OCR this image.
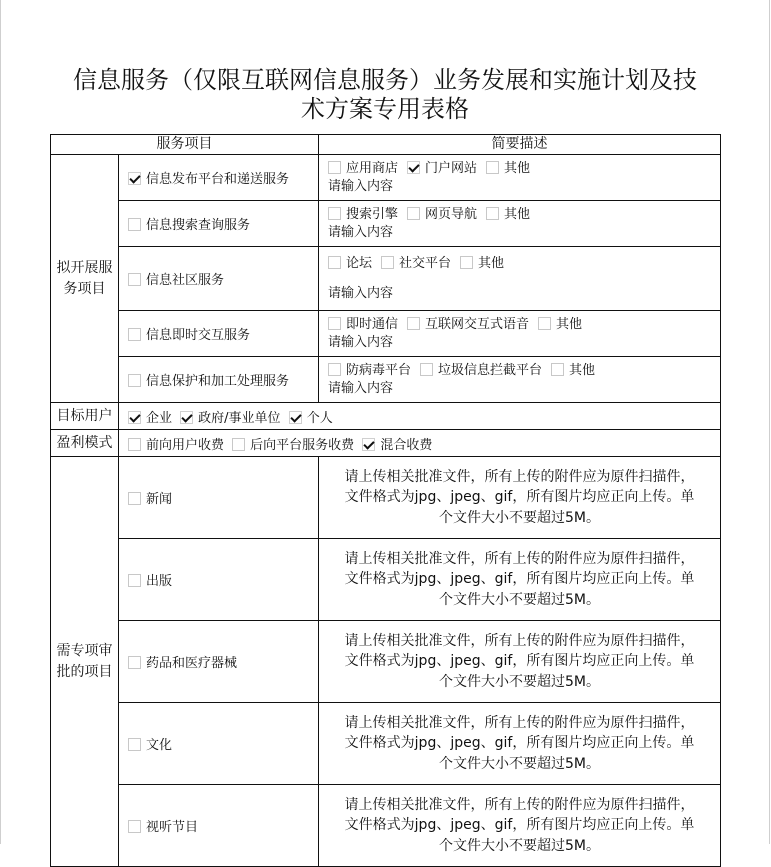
信息服务（仅限互联网信息服务）业务发展和实施计划及技
术方案专用表格
服务项目		简要描述
拟开展服务项目	信息发布平台和递送服务	应用商店 门户网站 其他
请输入内容

	信息搜索查询服务	搜索引擎 网页导航 其他
请输入内容

	信息社区服务	论坛 社交平台 其他
请输入内容

	信息即时交互服务	即时通信 互联网交互式语音 其他
请输入内容

	信息保护和加工处理服务	防病毒平台 垃圾信息拦截平台 其他
请输入内容

目标用户	企业 政府/事业单位 个人	
盈利模式	前向用户收费 后向平台服务收费 混合收费	
需专项审批的项目	新闻	请上传相关批准文件，所有上传的附件应为原件扫描件，
文件格式为jpg、jpeg、gif，所有图片均应正向上传。单
个文件大小不要超过5M。

	出版	请上传相关批准文件，所有上传的附件应为原件扫描件，
文件格式为jpg、jpeg、gif，所有图片均应正向上传。单
个文件大小不要超过5M。

	药品和医疗器械	请上传相关批准文件，所有上传的附件应为原件扫描件，
文件格式为jpg、jpeg、gif，所有图片均应正向上传。单
个文件大小不要超过5M。

	文化	请上传相关批准文件，所有上传的附件应为原件扫描件，
文件格式为jpg、jpeg、gif，所有图片均应正向上传。单
个文件大小不要超过5M。

	视听节目	请上传相关批准文件，所有上传的附件应为原件扫描件，
文件格式为jpg、jpeg、gif，所有图片均应正向上传。单
个文件大小不要超过5M。
